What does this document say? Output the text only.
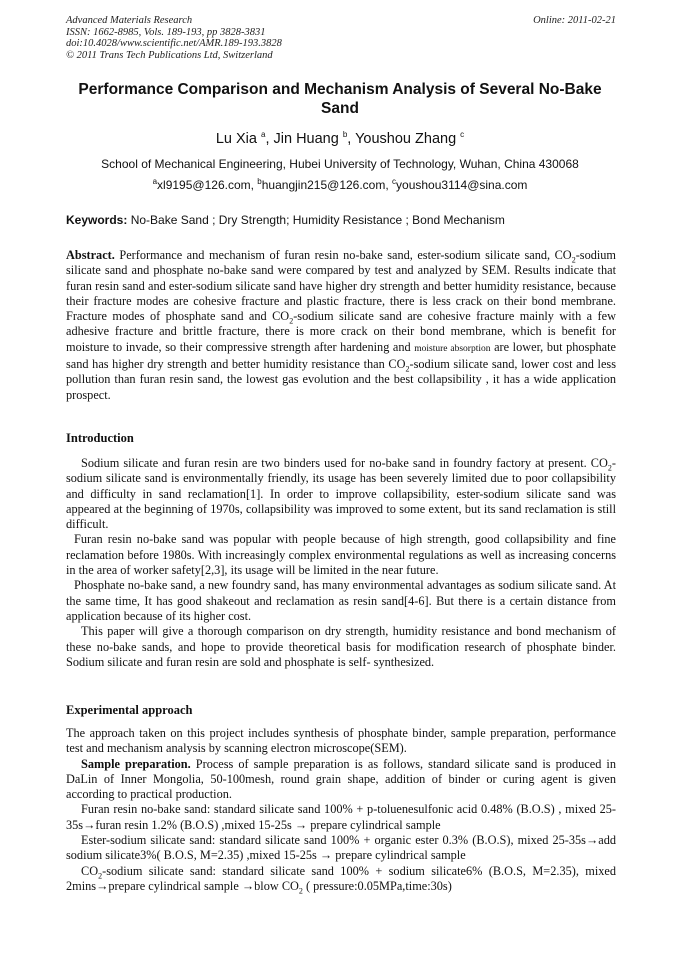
Advanced Materials Research
ISSN: 1662-8985, Vols. 189-193, pp 3828-3831
doi:10.4028/www.scientific.net/AMR.189-193.3828
© 2011 Trans Tech Publications Ltd, Switzerland
Online: 2011-02-21
Performance Comparison and Mechanism Analysis of Several No-Bake Sand
Lu Xia $^a$, Jin Huang $^b$, Youshou Zhang $^c$
School of Mechanical Engineering, Hubei University of Technology, Wuhan, China 430068
$^a$xl9195@126.com, $^b$huangjin215@126.com, $^c$youshou3114@sina.com
Keywords: No-Bake Sand ; Dry Strength; Humidity Resistance ; Bond Mechanism

Abstract. Performance and mechanism of furan resin no-bake sand, ester-sodium silicate sand, $CO_2$-sodium silicate sand and phosphate no-bake sand were compared by test and analyzed by SEM. Results indicate that furan resin sand and ester-sodium silicate sand have higher dry strength and better humidity resistance, because their fracture modes are cohesive fracture and plastic fracture, there is less crack on their bond membrane. Fracture modes of phosphate sand and $CO_2$-sodium silicate sand are cohesive fracture mainly with a few adhesive fracture and brittle fracture, there is more crack on their bond membrane, which is benefit for moisture to invade, so their compressive strength after hardening and moisture absorption are lower, but phosphate sand has higher dry strength and better humidity resistance than $CO_2$-sodium silicate sand, lower cost and less pollution than furan resin sand, the lowest gas evolution and the best collapsibility , it has a wide application prospect.

Introduction

Sodium silicate and furan resin are two binders used for no-bake sand in foundry factory at present. $CO_2$-sodium silicate sand is environmentally friendly, its usage has been severely limited due to poor collapsibility and difficulty in sand reclamation[1]. In order to improve collapsibility, ester-sodium silicate sand was appeared at the beginning of 1970s, collapsibility was improved to some extent, but its sand reclamation is still difficult.

Furan resin no-bake sand was popular with people because of high strength, good collapsibility and fine reclamation before 1980s. With increasingly complex environmental regulations as well as increasing concerns in the area of worker safety[2,3], its usage will be limited in the near future.

Phosphate no-bake sand, a new foundry sand, has many environmental advantages as sodium silicate sand. At the same time, It has good shakeout and reclamation as resin sand[4-6]. But there is a certain distance from application because of its higher cost.

This paper will give a thorough comparison on dry strength, humidity resistance and bond mechanism of these no-bake sands, and hope to provide theoretical basis for modification research of phosphate binder. Sodium silicate and furan resin are sold and phosphate is self- synthesized.

Experimental approach

The approach taken on this project includes synthesis of phosphate binder, sample preparation, performance test and mechanism analysis by scanning electron microscope(SEM).

Sample preparation. Process of sample preparation is as follows, standard silicate sand is produced in DaLin of Inner Mongolia, 50-100mesh, round grain shape, addition of binder or curing agent is given according to practical production.

Furan resin no-bake sand: standard silicate sand 100% + p-toluenesulfonic acid 0.48% (B.O.S) , mixed 25-35s→furan resin 1.2% (B.O.S) ,mixed 15-25s → prepare cylindrical sample

Ester-sodium silicate sand: standard silicate sand 100% + organic ester 0.3% (B.O.S), mixed 25-35s→add sodium silicate3%( B.O.S, M=2.35) ,mixed 15-25s → prepare cylindrical sample

$CO_2$-sodium silicate sand: standard silicate sand 100% + sodium silicate6% (B.O.S, M=2.35), mixed 2mins→prepare cylindrical sample →blow $CO_2$ ( pressure:0.05MPa,time:30s)
